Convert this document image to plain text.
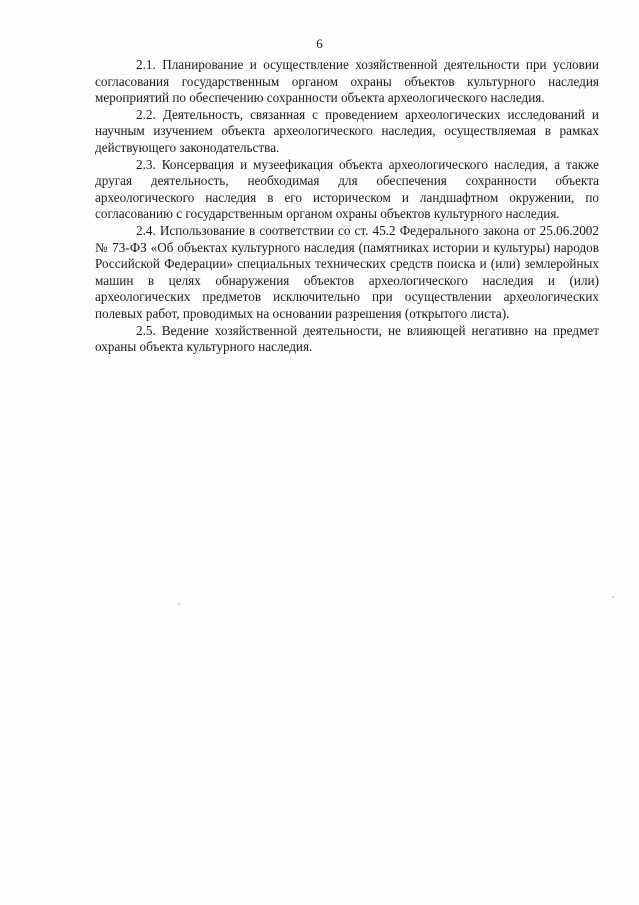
6

2.1. Планирование и осуществление хозяйственной деятельности при условии согласования государственным органом охраны объектов культурного наследия мероприятий по обеспечению сохранности объекта археологического наследия.

2.2. Деятельность, связанная с проведением археологических исследований и научным изучением объекта археологического наследия, осуществляемая в рамках действующего законодательства.

2.3. Консервация и музеефикация объекта археологического наследия, а также другая деятельность, необходимая для обеспечения сохранности объекта археологического наследия в его историческом и ландшафтном окружении, по согласованию с государственным органом охраны объектов культурного наследия.

2.4. Использование в соответствии со ст. 45.2 Федерального закона от 25.06.2002 № 73-ФЗ «Об объектах культурного наследия (памятниках истории и культуры) народов Российской Федерации» специальных технических средств поиска и (или) землеройных машин в целях обнаружения объектов археологического наследия и (или) археологических предметов исключительно при осуществлении археологических полевых работ, проводимых на основании разрешения (открытого листа).

2.5. Ведение хозяйственной деятельности, не влияющей негативно на предмет охраны объекта культурного наследия.
